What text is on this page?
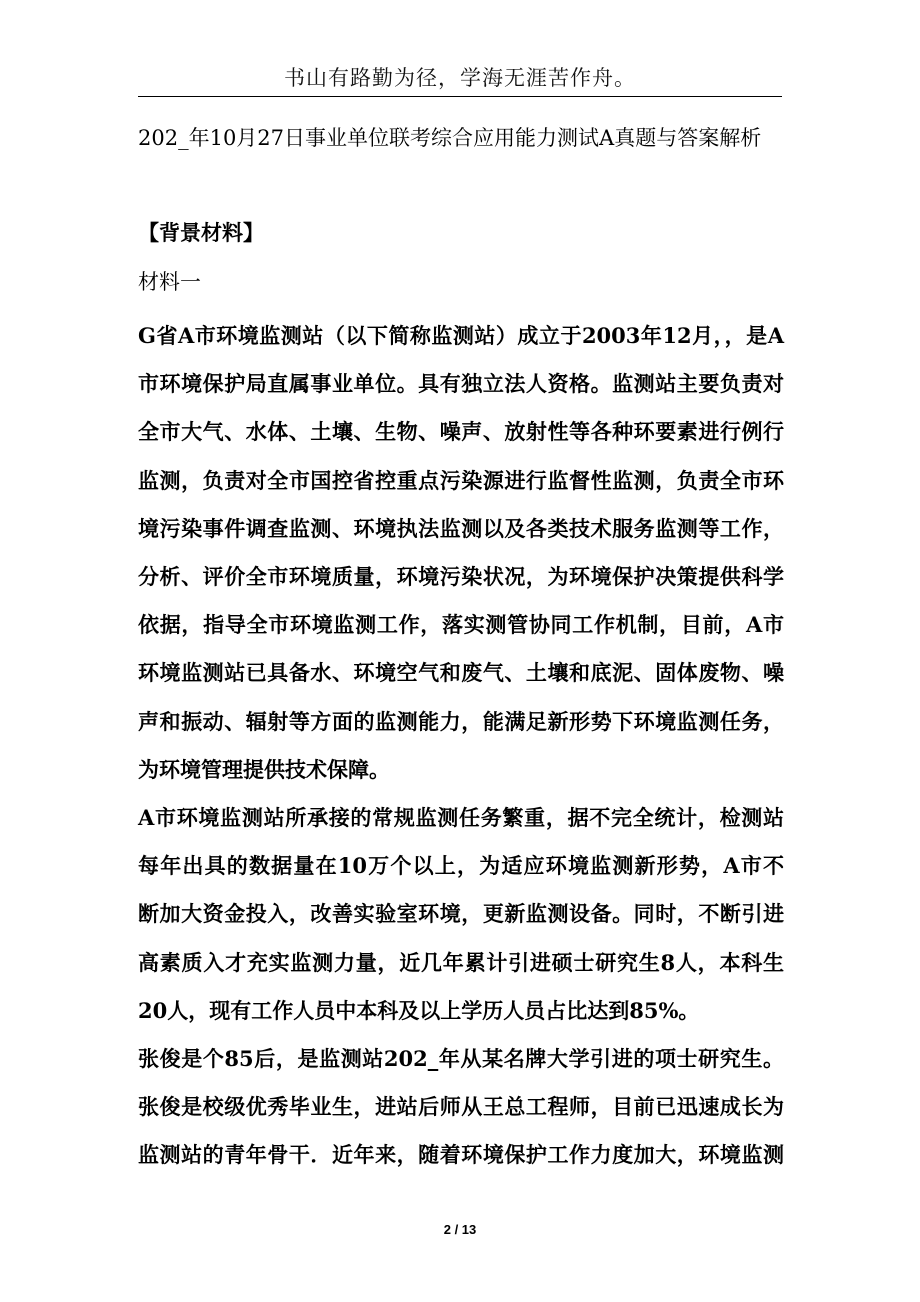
书山有路勤为径，学海无涯苦作舟。
202_年10月27日事业单位联考综合应用能力测试A真题与答案解析
【背景材料】
材料一
G省A市环境监测站（以下简称监测站）成立于2003年12月，，是A
市环境保护局直属事业单位。具有独立法人资格。监测站主要负责对
全市大气、水体、土壤、生物、噪声、放射性等各种环要素进行例行
监测，负责对全市国控省控重点污染源进行监督性监测，负责全市环
境污染事件调查监测、环境执法监测以及各类技术服务监测等工作，
分析、评价全市环境质量，环境污染状况，为环境保护决策提供科学
依据，指导全市环境监测工作，落实测管协同工作机制，目前，A市
环境监测站已具备水、环境空气和废气、土壤和底泥、固体废物、噪
声和振动、辐射等方面的监测能力，能满足新形势下环境监测任务，
为环境管理提供技术保障。
A市环境监测站所承接的常规监测任务繁重，据不完全统计，检测站
每年出具的数据量在10万个以上，为适应环境监测新形势，A市不
断加大资金投入，改善实验室环境，更新监测设备。同时，不断引进
高素质入才充实监测力量，近几年累计引进硕士研究生8人，本科生
20人，现有工作人员中本科及以上学历人员占比达到85%。
张俊是个85后，是监测站202_年从某名牌大学引进的项士研究生。
张俊是校级优秀毕业生，进站后师从王总工程师，目前已迅速成长为
监测站的青年骨干．近年来，随着环境保护工作力度加大，环境监测
2 / 13
